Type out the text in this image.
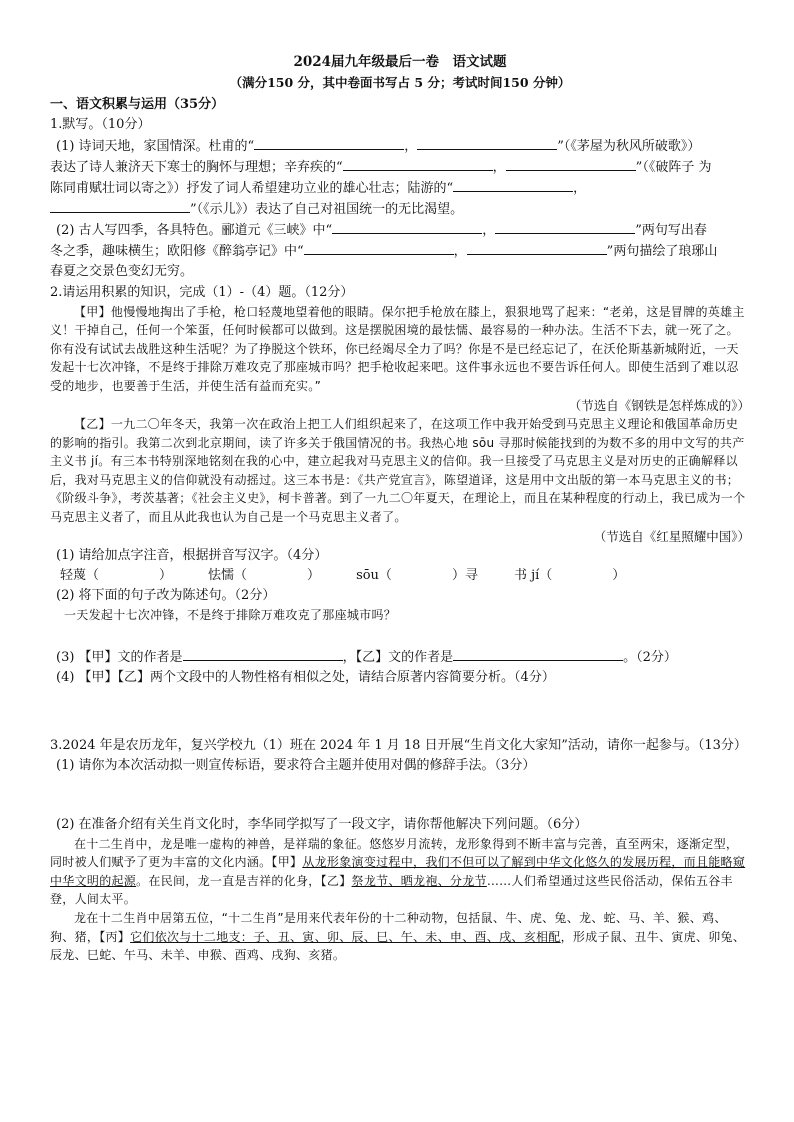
2024届九年级最后一卷　语文试题

（满分150 分，其中卷面书写占 5 分；考试时间150 分钟）

一、语文积累与运用（35分）

1.默写。（10分）

(1) 诗词天地，家国情深。杜甫的“	，	”（《茅屋为秋风所破歌》）

表达了诗人兼济天下寒士的胸怀与理想；辛弃疾的“	，	”（《破阵子 为

陈同甫赋壮词以寄之》）抒发了词人希望建功立业的雄心壮志；陆游的“	，

”（《示儿》）表达了自己对祖国统一的无比渴望。

(2) 古人写四季，各具特色。郦道元《三峡》中“	，	”两句写出春

冬之季，趣味横生；欧阳修《醉翁亭记》中“	，	”两句描绘了琅琊山

春夏之交景色变幻无穷。

2.请运用积累的知识，完成（1）-（4）题。（12分）

【甲】他慢慢地掏出了手枪，枪口轻蔑地望着他的眼睛。保尔把手枪放在膝上，狠狠地骂了起来：“老弟，这是冒牌的英雄主义！干掉自己，任何一个笨蛋，任何时候都可以做到。这是摆脱困境的最怯懦、最容易的一种办法。生活不下去，就一死了之。你有没有试试去战胜这种生活呢？为了挣脱这个铁环，你已经竭尽全力了吗？你是不是已经忘记了，在沃伦斯基新城附近，一天发起十七次冲锋，不是终于排除万难攻克了那座城市吗？把手枪收起来吧。这件事永远也不要告诉任何人。即使生活到了难以忍受的地步，也要善于生活，并使生活有益而充实。”

（节选自《钢铁是怎样炼成的》）

【乙】一九二〇年冬天，我第一次在政治上把工人们组织起来了，在这项工作中我开始受到马克思主义理论和俄国革命历史的影响的指引。我第二次到北京期间，读了许多关于俄国情况的书。我热心地 sōu 寻那时候能找到的为数不多的用中文写的共产主义书 jí。有三本书特别深地铭刻在我的心中，建立起我对马克思主义的信仰。我一旦接受了马克思主义是对历史的正确解释以后，我对马克思主义的信仰就没有动摇过。这三本书是：《共产党宣言》，陈望道译，这是用中文出版的第一本马克思主义的书；《阶级斗争》，考茨基著；《社会主义史》，柯卡普著。到了一九二〇年夏天，在理论上，而且在某种程度的行动上，我已成为一个马克思主义者了，而且从此我也认为自己是一个马克思主义者了。

（节选自《红星照耀中国》）

(1) 请给加点字注音，根据拼音写汉字。（4分）

轻蔑（	）	怯懦（	）	sōu（	）寻	书 jí（	）

(2) 将下面的句子改为陈述句。（2分）

一天发起十七次冲锋，不是终于排除万难攻克了那座城市吗？

(3) 【甲】文的作者是	，【乙】文的作者是	。（2分）

(4) 【甲】【乙】两个文段中的人物性格有相似之处，请结合原著内容简要分析。（4分）

3.2024 年是农历龙年，复兴学校九（1）班在 2024 年 1 月 18 日开展“生肖文化大家知”活动，请你一起参与。（13分）

(1) 请你为本次活动拟一则宣传标语，要求符合主题并使用对偶的修辞手法。（3分）

(2) 在准备介绍有关生肖文化时，李华同学拟写了一段文字，请你帮他解决下列问题。（6分）

在十二生肖中，龙是唯一虚构的神兽，是祥瑞的象征。悠悠岁月流转，龙形象得到不断丰富与完善，直至两宋，逐渐定型，同时被人们赋予了更为丰富的文化内涵。【甲】从龙形象演变过程中，我们不但可以了解到中华文化悠久的发展历程，而且能略窥中华文明的起源。在民间，龙一直是吉祥的化身，【乙】祭龙节、晒龙袍、分龙节……人们希望通过这些民俗活动，保佑五谷丰登，人间太平。

龙在十二生肖中居第五位，“十二生肖”是用来代表年份的十二种动物，包括鼠、牛、虎、兔、龙、蛇、马、羊、猴、鸡、狗、猪，【丙】它们依次与十二地支：子、丑、寅、卯、辰、巳、午、未、申、酉、戌、亥相配，形成子鼠、丑牛、寅虎、卯兔、辰龙、巳蛇、午马、未羊、申猴、酉鸡、戌狗、亥猪。
